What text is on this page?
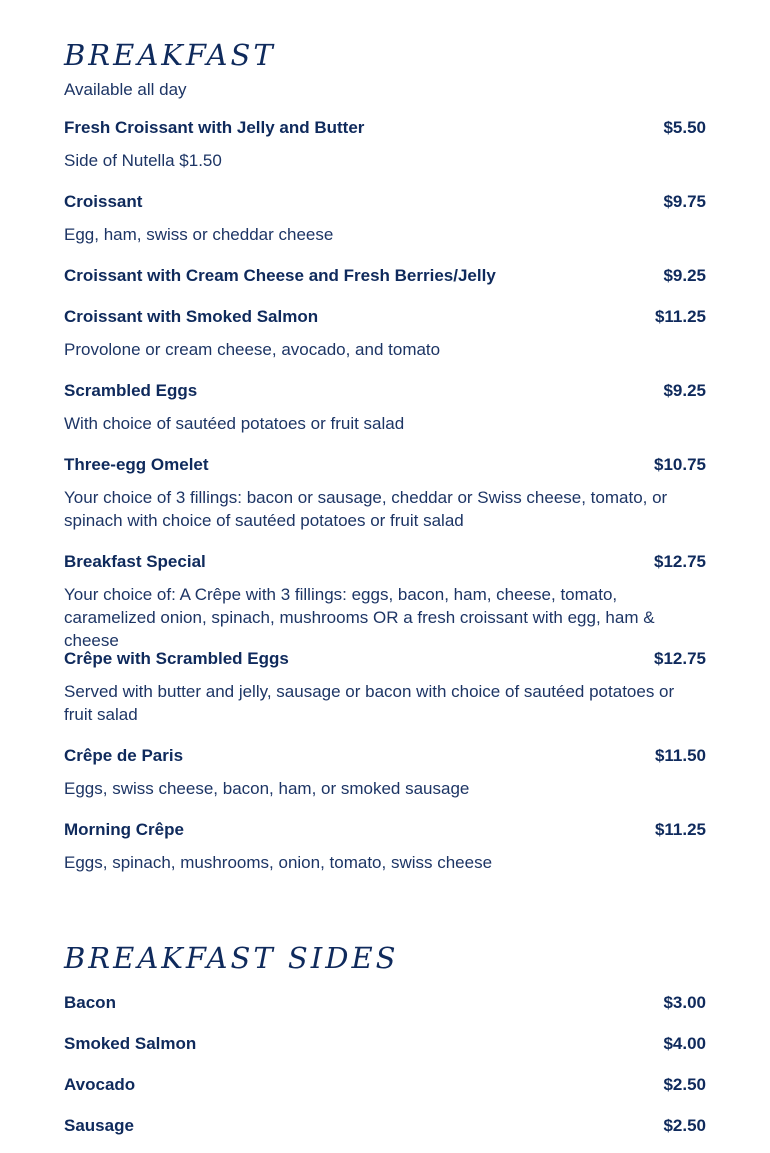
BREAKFAST
Available all day
Fresh Croissant with Jelly and Butter	$5.50
Side of Nutella $1.50
Croissant	$9.75
Egg, ham, swiss or cheddar cheese
Croissant with Cream Cheese and Fresh Berries/Jelly	$9.25
Croissant with Smoked Salmon	$11.25
Provolone or cream cheese, avocado, and tomato
Scrambled Eggs	$9.25
With choice of sautéed potatoes or fruit salad
Three-egg Omelet	$10.75
Your choice of 3 fillings: bacon or sausage, cheddar or Swiss cheese, tomato, or spinach with choice of sautéed potatoes or fruit salad
Breakfast Special	$12.75
Your choice of: A Crêpe with 3 fillings: eggs, bacon, ham, cheese, tomato, caramelized onion, spinach, mushrooms OR a fresh croissant with egg, ham & cheese
Crêpe with Scrambled Eggs	$12.75
Served with butter and jelly, sausage or bacon with choice of sautéed potatoes or fruit salad
Crêpe de Paris	$11.50
Eggs, swiss cheese, bacon, ham, or smoked sausage
Morning Crêpe	$11.25
Eggs, spinach, mushrooms, onion, tomato, swiss cheese
BREAKFAST SIDES
Bacon	$3.00
Smoked Salmon	$4.00
Avocado	$2.50
Sausage	$2.50
